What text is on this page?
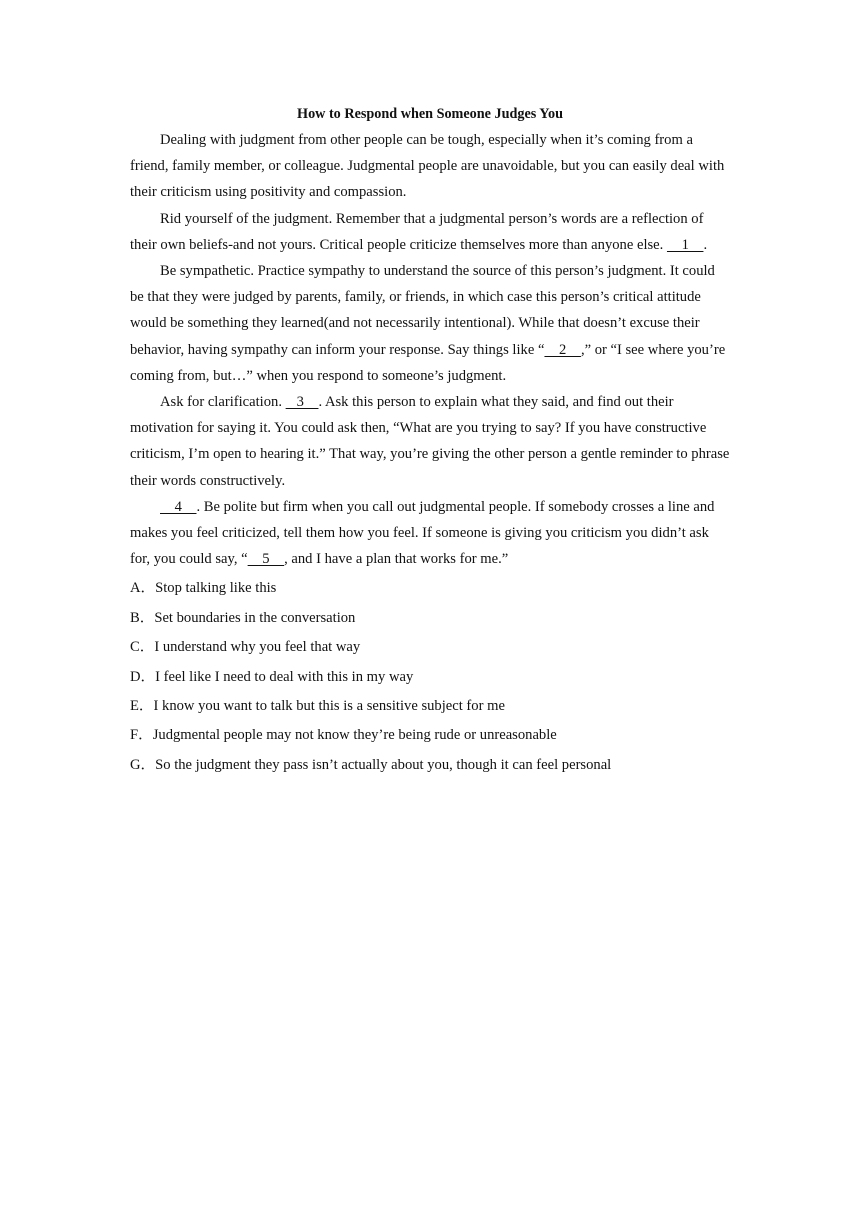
How to Respond when Someone Judges You

Dealing with judgment from other people can be tough, especially when it’s coming from a friend, family member, or colleague. Judgmental people are unavoidable, but you can easily deal with their criticism using positivity and compassion.

Rid yourself of the judgment. Remember that a judgmental person’s words are a reflection of their own beliefs-and not yours. Critical people criticize themselves more than anyone else.     1    .

Be sympathetic. Practice sympathy to understand the source of this person’s judgment. It could be that they were judged by parents, family, or friends, in which case this person’s critical attitude would be something they learned(and not necessarily intentional). While that doesn’t excuse their behavior, having sympathy can inform your response. Say things like “    2    ,” or “I see where you’re coming from, but…” when you respond to someone’s judgment.

Ask for clarification.    3    . Ask this person to explain what they said, and find out their motivation for saying it. You could ask then, “What are you trying to say? If you have constructive criticism, I’m open to hearing it.” That way, you’re giving the other person a gentle reminder to phrase their words constructively.

4    . Be polite but firm when you call out judgmental people. If somebody crosses a line and makes you feel criticized, tell them how you feel. If someone is giving you criticism you didn’t ask for, you could say, “    5    , and I have a plan that works for me.”

A．Stop talking like this
B．Set boundaries in the conversation
C．I understand why you feel that way
D．I feel like I need to deal with this in my way
E．I know you want to talk but this is a sensitive subject for me
F．Judgmental people may not know they’re being rude or unreasonable
G．So the judgment they pass isn’t actually about you, though it can feel personal
